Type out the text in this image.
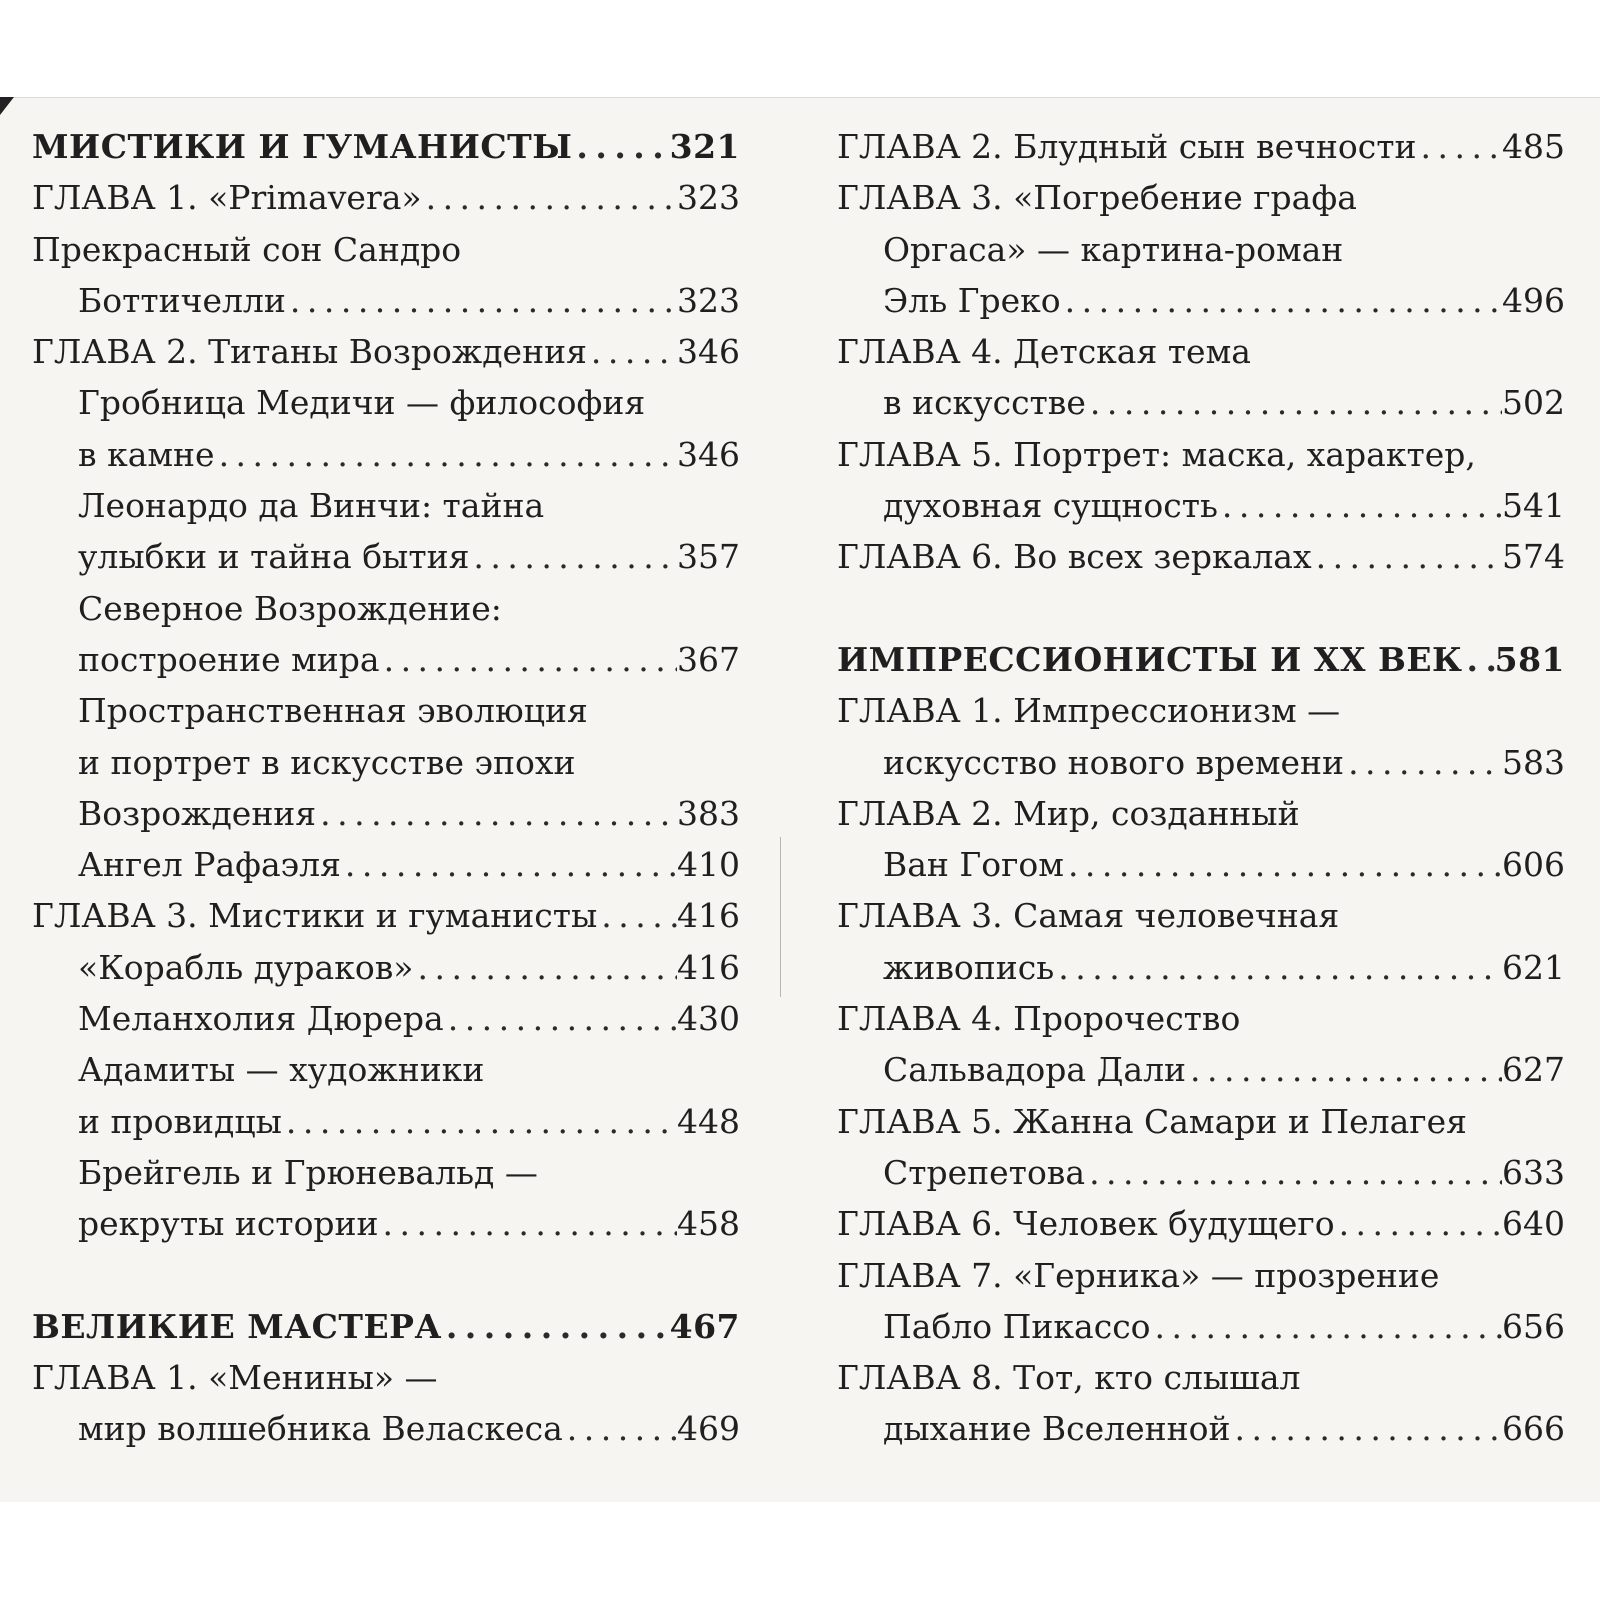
МИСТИКИ И ГУМАНИСТЫ . . .	321
ГЛАВА 1. «Primavera» . . .	323
Прекрасный сон Сандро
Боттичелли . . .	323
ГЛАВА 2. Титаны Возрождения . . .	346
Гробница Медичи — философия
в камне . . .	346
Леонардо да Винчи: тайна
улыбки и тайна бытия . . .	357
Северное Возрождение:
построение мира . . .	367
Пространственная эволюция
и портрет в искусстве эпохи
Возрождения . . .	383
Ангел Рафаэля . . .	410
ГЛАВА 3. Мистики и гуманисты . . . 416
«Корабль дураков» . . .	416
Меланхолия Дюрера . . .	430
Адамиты — художники
и провидцы . . .	448
Брейгель и Грюневальд —
рекруты истории . . .	458
ВЕЛИКИЕ МАСТЕРА . . .	467
ГЛАВА 1. «Менины» —
мир волшебника Веласкеса . . .	469
ГЛАВА 2. Блудный сын вечности . . .	485
ГЛАВА 3. «Погребение графа
Оргаса» — картина-роман
Эль Греко . . .	496
ГЛАВА 4. Детская тема
в искусстве . . .	502
ГЛАВА 5. Портрет: маска, характер,
духовная сущность . . .	541
ГЛАВА 6. Во всех зеркалах . . .	574
ИМПРЕССИОНИСТЫ И XX ВЕК . . . 581
ГЛАВА 1. Импрессионизм —
искусство нового времени . . .	583
ГЛАВА 2. Мир, созданный
Ван Гогом . . .	606
ГЛАВА 3. Самая человечная
живопись . . .	621
ГЛАВА 4. Пророчество
Сальвадора Дали . . .	627
ГЛАВА 5. Жанна Самари и Пелагея
Стрепетова . . .	633
ГЛАВА 6. Человек будущего . . .	640
ГЛАВА 7. «Герника» — прозрение
Пабло Пикассо . . .	656
ГЛАВА 8. Тот, кто слышал
дыхание Вселенной . . .	666
